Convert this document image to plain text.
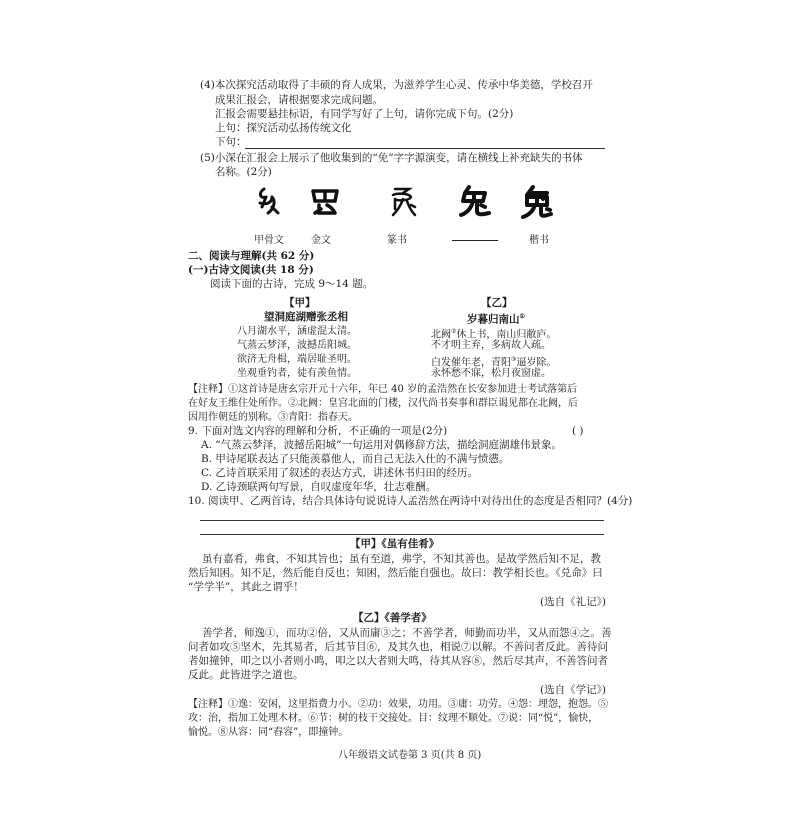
(4)本次探究活动取得了丰硕的育人成果，为滋养学生心灵、传承中华美德，学校召开
成果汇报会，请根据要求完成问题。
汇报会需要悬挂标语，有同学写好了上句，请你完成下句。(2分)
上句：探究活动弘扬传统文化
下句：
(5)小深在汇报会上展示了他收集到的“免”字字源演变，请在横线上补充缺失的书体
名称。(2分)
甲骨文	金文	篆书	楷书
二、阅读与理解(共 62 分)
(一)古诗文阅读(共 18 分)
阅读下面的古诗，完成 9～14 题。
【甲】
望洞庭湖赠张丞相
八月湖水平，涵虚混太清。
气蒸云梦泽，波撼岳阳城。
欲济无舟楫，端居耻圣明。
坐观垂钓者，徒有羡鱼情。
【乙】
岁暮归南山①
北阙②休上书，南山归敝庐。
不才明主弃，多病故人疏。
白发催年老，青阳③逼岁除。
永怀愁不寐，松月夜窗虚。
【注释】①这首诗是唐玄宗开元十六年，年已 40 岁的孟浩然在长安参加进士考试落第后
在好友王维住处所作。②北阙：皇宫北面的门楼，汉代尚书奏事和群臣谒见都在北阙，后
因用作朝廷的别称。③青阳：指春天。
9. 下面对选文内容的理解和分析，不正确的一项是(2分)	( )
A. “气蒸云梦泽，波撼岳阳城”一句运用对偶修辞方法，描绘洞庭湖雄伟景象。
B. 甲诗尾联表达了只能羡慕他人，而自己无法入仕的不满与愤懑。
C. 乙诗首联采用了叙述的表达方式，讲述休书归田的经历。
D. 乙诗颈联两句写景，自叹虚度年华，壮志难酬。
10. 阅读甲、乙两首诗，结合具体诗句说说诗人孟浩然在两诗中对待出仕的态度是否相同？(4分)
【甲】《虽有佳肴》
虽有嘉肴，弗食，不知其旨也；虽有至道，弗学，不知其善也。是故学然后知不足，教
然后知困。知不足，然后能自反也；知困，然后能自强也。故曰：教学相长也。《兑命》曰
“学学半”，其此之谓乎！
(选自《礼记》)
【乙】《善学者》
善学者，师逸①，而功②倍，又从而庸③之；不善学者，师勤而功半，又从而怨④之。善
问者如攻⑤坚木，先其易者，后其节目⑥，及其久也，相说⑦以解。不善问者反此。善待问
者如撞钟，叩之以小者则小鸣，叩之以大者则大鸣，待其从容⑧，然后尽其声，不善答问者
反此。此皆进学之道也。
(选自《学记》)
【注释】①逸：安闲，这里指费力小。②功：效果，功用。③庸：功劳。④怨：埋怨，抱怨。⑤
攻：治，指加工处理木材。⑥节：树的枝干交接处。目：纹理不顺处。⑦说：同“悦”，愉快，
愉悦。⑧从容：同“舂容”，即撞钟。
八年级语文试卷第 3 页(共 8 页)
